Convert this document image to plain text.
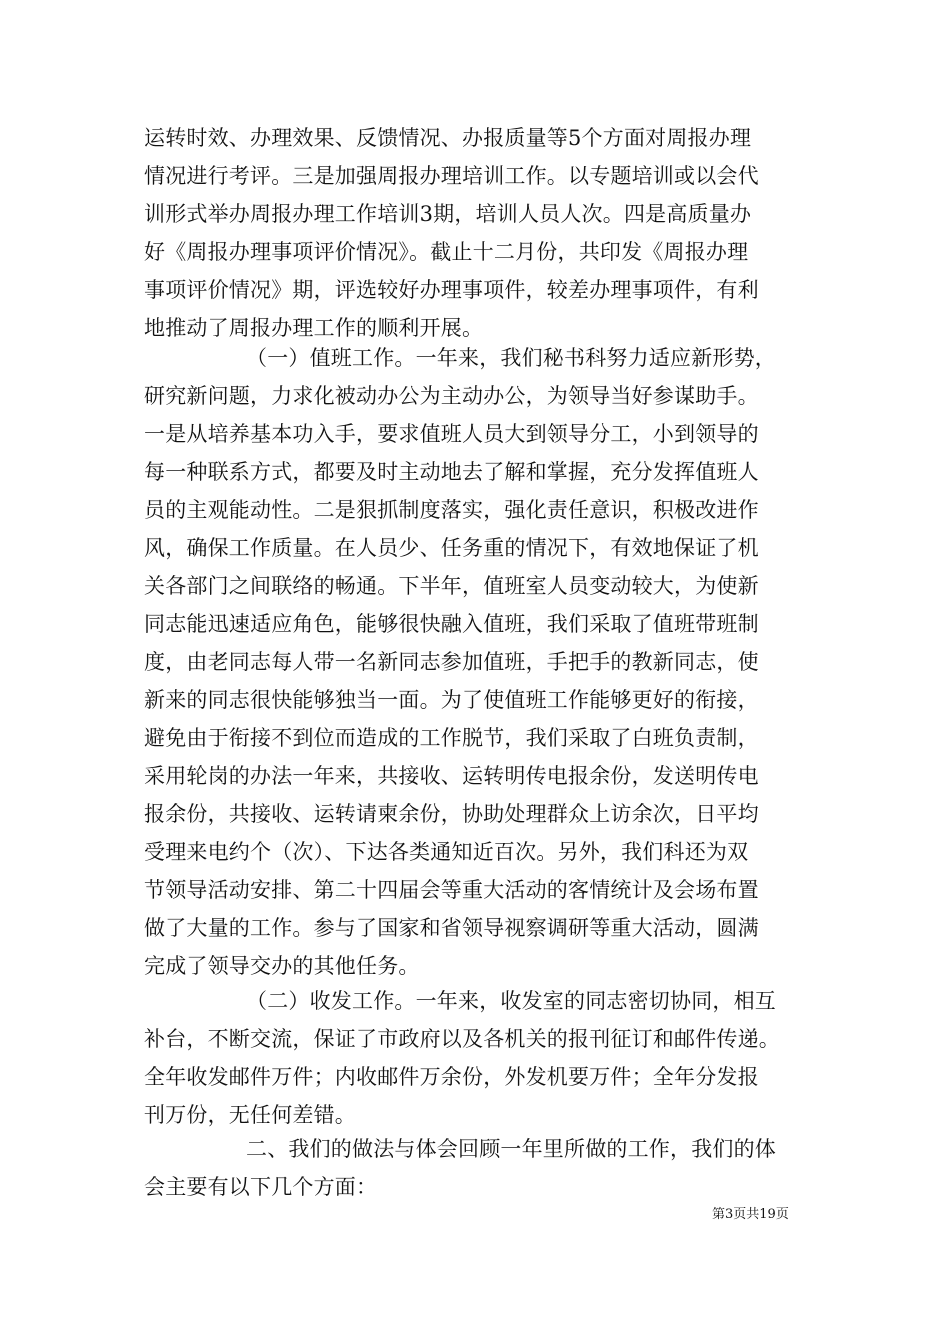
运转时效、办理效果、反馈情况、办报质量等5个方面对周报办理
情况进行考评。三是加强周报办理培训工作。以专题培训或以会代
训形式举办周报办理工作培训3期，培训人员人次。四是高质量办
好《周报办理事项评价情况》。截止十二月份，共印发《周报办理
事项评价情况》期，评选较好办理事项件，较差办理事项件，有利
地推动了周报办理工作的顺利开展。
（一）值班工作。一年来，我们秘书科努力适应新形势，
研究新问题，力求化被动办公为主动办公，为领导当好参谋助手。
一是从培养基本功入手，要求值班人员大到领导分工，小到领导的
每一种联系方式，都要及时主动地去了解和掌握，充分发挥值班人
员的主观能动性。二是狠抓制度落实，强化责任意识，积极改进作
风，确保工作质量。在人员少、任务重的情况下，有效地保证了机
关各部门之间联络的畅通。下半年，值班室人员变动较大，为使新
同志能迅速适应角色，能够很快融入值班，我们采取了值班带班制
度，由老同志每人带一名新同志参加值班，手把手的教新同志，使
新来的同志很快能够独当一面。为了使值班工作能够更好的衔接，
避免由于衔接不到位而造成的工作脱节，我们采取了白班负责制，
采用轮岗的办法一年来，共接收、运转明传电报余份，发送明传电
报余份，共接收、运转请柬余份，协助处理群众上访余次，日平均
受理来电约个（次）、下达各类通知近百次。另外，我们科还为双
节领导活动安排、第二十四届会等重大活动的客情统计及会场布置
做了大量的工作。参与了国家和省领导视察调研等重大活动，圆满
完成了领导交办的其他任务。
（二）收发工作。一年来，收发室的同志密切协同，相互
补台，不断交流，保证了市政府以及各机关的报刊征订和邮件传递。
全年收发邮件万件；内收邮件万余份，外发机要万件；全年分发报
刊万份，无任何差错。
二、我们的做法与体会回顾一年里所做的工作，我们的体
会主要有以下几个方面：
第3页共19页
